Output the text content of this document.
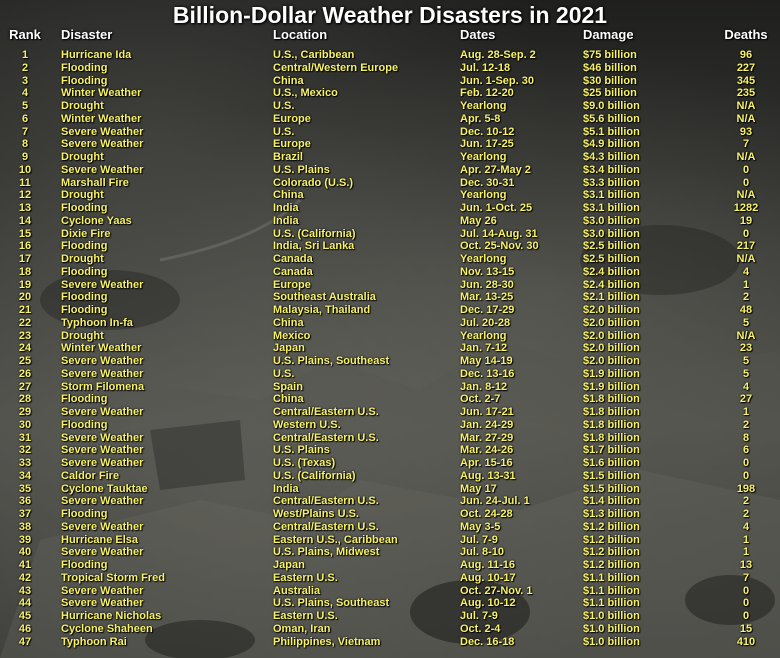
Billion-Dollar Weather Disasters in 2021
Rank	Disaster	Location	Dates	Damage	Deaths
1	Hurricane Ida	U.S., Caribbean	Aug. 28-Sep. 2	$75 billion	96
2	Flooding	Central/Western Europe	Jul. 12-18	$46 billion	227
3	Flooding	China	Jun. 1-Sep. 30	$30 billion	345
4	Winter Weather	U.S., Mexico	Feb. 12-20	$25 billion	235
5	Drought	U.S.	Yearlong	$9.0 billion	N/A
6	Winter Weather	Europe	Apr. 5-8	$5.6 billion	N/A
7	Severe Weather	U.S.	Dec. 10-12	$5.1 billion	93
8	Severe Weather	Europe	Jun. 17-25	$4.9 billion	7
9	Drought	Brazil	Yearlong	$4.3 billion	N/A
10	Severe Weather	U.S. Plains	Apr. 27-May 2	$3.4 billion	0
11	Marshall Fire	Colorado (U.S.)	Dec. 30-31	$3.3 billion	0
12	Drought	China	Yearlong	$3.1 billion	N/A
13	Flooding	India	Jun. 1-Oct. 25	$3.1 billion	1282
14	Cyclone Yaas	India	May 26	$3.0 billion	19
15	Dixie Fire	U.S. (California)	Jul. 14-Aug. 31	$3.0 billion	0
16	Flooding	India, Sri Lanka	Oct. 25-Nov. 30	$2.5 billion	217
17	Drought	Canada	Yearlong	$2.5 billion	N/A
18	Flooding	Canada	Nov. 13-15	$2.4 billion	4
19	Severe Weather	Europe	Jun. 28-30	$2.4 billion	1
20	Flooding	Southeast Australia	Mar. 13-25	$2.1 billion	2
21	Flooding	Malaysia, Thailand	Dec. 17-29	$2.0 billion	48
22	Typhoon In-fa	China	Jul. 20-28	$2.0 billion	5
23	Drought	Mexico	Yearlong	$2.0 billion	N/A
24	Winter Weather	Japan	Jan. 7-12	$2.0 billion	23
25	Severe Weather	U.S. Plains, Southeast	May 14-19	$2.0 billion	5
26	Severe Weather	U.S.	Dec. 13-16	$1.9 billion	5
27	Storm Filomena	Spain	Jan. 8-12	$1.9 billion	4
28	Flooding	China	Oct. 2-7	$1.8 billion	27
29	Severe Weather	Central/Eastern U.S.	Jun. 17-21	$1.8 billion	1
30	Flooding	Western U.S.	Jan. 24-29	$1.8 billion	2
31	Severe Weather	Central/Eastern U.S.	Mar. 27-29	$1.8 billion	8
32	Severe Weather	U.S. Plains	Mar. 24-26	$1.7 billion	6
33	Severe Weather	U.S. (Texas)	Apr. 15-16	$1.6 billion	0
34	Caldor Fire	U.S. (California)	Aug. 13-31	$1.5 billion	0
35	Cyclone Tauktae	India	May 17	$1.5 billion	198
36	Severe Weather	Central/Eastern U.S.	Jun. 24-Jul. 1	$1.4 billion	2
37	Flooding	West/Plains U.S.	Oct. 24-28	$1.3 billion	2
38	Severe Weather	Central/Eastern U.S.	May 3-5	$1.2 billion	4
39	Hurricane Elsa	Eastern U.S., Caribbean	Jul. 7-9	$1.2 billion	1
40	Severe Weather	U.S. Plains, Midwest	Jul. 8-10	$1.2 billion	1
41	Flooding	Japan	Aug. 11-16	$1.2 billion	13
42	Tropical Storm Fred	Eastern U.S.	Aug. 10-17	$1.1 billion	7
43	Severe Weather	Australia	Oct. 27-Nov. 1	$1.1 billion	0
44	Severe Weather	U.S. Plains, Southeast	Aug. 10-12	$1.1 billion	0
45	Hurricane Nicholas	Eastern U.S.	Jul. 7-9	$1.0 billion	0
46	Cyclone Shaheen	Oman, Iran	Oct. 2-4	$1.0 billion	15
47	Typhoon Rai	Philippines, Vietnam	Dec. 16-18	$1.0 billion	410
